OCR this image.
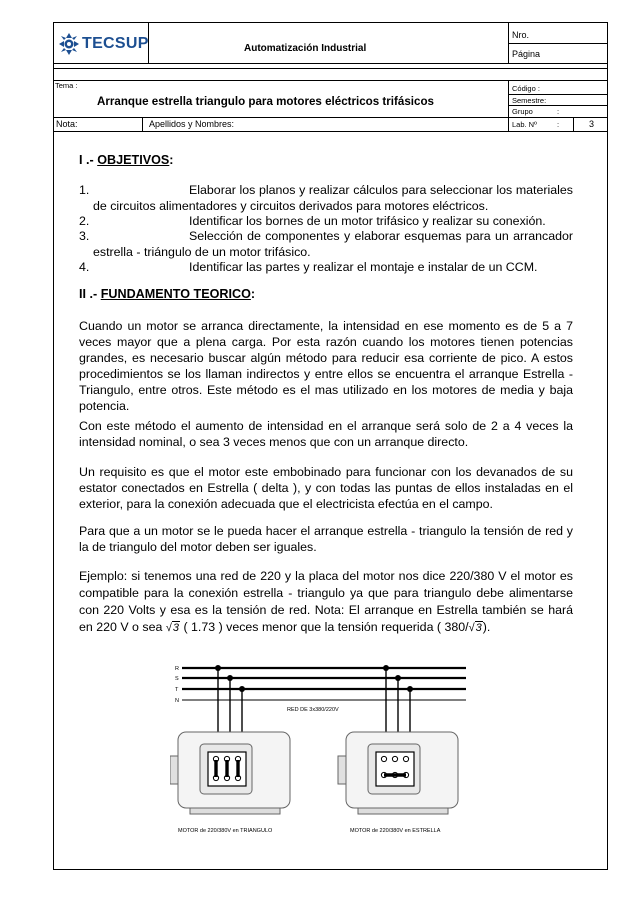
TECSUP	Automatización Industrial
Nro.
Página
Tema :
Arranque estrella triangulo para motores eléctricos trifásicos
Código :
Semestre:
Grupo	:
Nota:	Apellidos y Nombres:	Lab. Nº	:	3
I .- OBJETIVOS:
Elaborar los planos y realizar cálculos para seleccionar los materiales de circuitos alimentadores y circuitos derivados para motores eléctricos.
1.
Identificar los bornes de un motor trifásico y realizar su conexión.
2.
Selección de componentes y elaborar esquemas para un arrancador estrella - triángulo de un motor trifásico.
3.
Identificar las partes y realizar el montaje e instalar de un CCM.
4.
II .- FUNDAMENTO TEORICO:
Cuando un motor se arranca directamente, la intensidad en ese momento es de 5 a 7 veces mayor que a plena carga. Por esta razón cuando los motores tienen potencias grandes, es necesario buscar algún método para reducir esa corriente de pico. A estos procedimientos se los llaman indirectos y entre ellos se encuentra el arranque Estrella - Triangulo, entre otros. Este método es el mas utilizado en los motores de media y baja potencia.
Con este método el aumento de intensidad en el arranque será solo de 2 a 4 veces la intensidad nominal, o sea 3 veces menos que con un arranque directo.
Un requisito es que el motor este embobinado para funcionar con los devanados de su estator conectados en Estrella ( delta ), y con todas las puntas de ellos instaladas en el exterior, para la conexión adecuada que el electricista efectúa en el campo.
Para que a un motor se le pueda hacer el arranque estrella - triangulo la tensión de red y la de triangulo del motor deben ser iguales.
Ejemplo: si tenemos una red de 220 y la placa del motor nos dice 220/380 V el motor es compatible para la conexión estrella - triangulo ya que para triangulo debe alimentarse con 220 Volts y esa es la tensión de red. Nota: El arranque en Estrella también se hará en 220 V o sea √3 ( 1.73 ) veces menor que la tensión requerida ( 380/√3).
R
S
T
N
RED DE 3x380/220V
MOTOR de 220/380V en TRIANGULO	MOTOR de 220/380V en ESTRELLA
